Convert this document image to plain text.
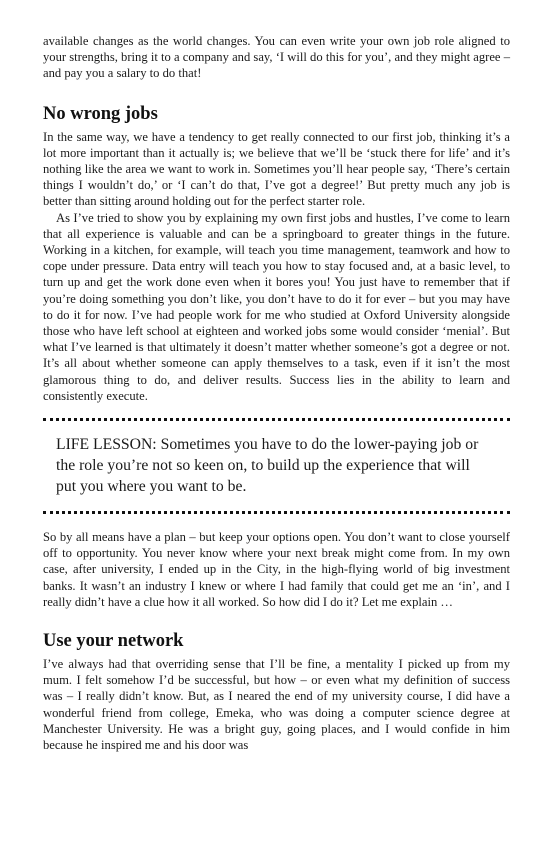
available changes as the world changes. You can even write your own job role aligned to your strengths, bring it to a company and say, ‘I will do this for you’, and they might agree – and pay you a salary to do that!

No wrong jobs

In the same way, we have a tendency to get really connected to our first job, thinking it’s a lot more important than it actually is; we believe that we’ll be ‘stuck there for life’ and it’s nothing like the area we want to work in. Sometimes you’ll hear people say, ‘There’s certain things I wouldn’t do,’ or ‘I can’t do that, I’ve got a degree!’ But pretty much any job is better than sitting around holding out for the perfect starter role.

As I’ve tried to show you by explaining my own first jobs and hustles, I’ve come to learn that all experience is valuable and can be a springboard to greater things in the future. Working in a kitchen, for example, will teach you time management, teamwork and how to cope under pressure. Data entry will teach you how to stay focused and, at a basic level, to turn up and get the work done even when it bores you! You just have to remember that if you’re doing something you don’t like, you don’t have to do it for ever – but you may have to do it for now. I’ve had people work for me who studied at Oxford University alongside those who have left school at eighteen and worked jobs some would consider ‘menial’. But what I’ve learned is that ultimately it doesn’t matter whether someone’s got a degree or not. It’s all about whether someone can apply themselves to a task, even if it isn’t the most glamorous thing to do, and deliver results. Success lies in the ability to learn and consistently execute.

LIFE LESSON: Sometimes you have to do the lower-paying job or the role you’re not so keen on, to build up the experience that will put you where you want to be.

So by all means have a plan – but keep your options open. You don’t want to close yourself off to opportunity. You never know where your next break might come from. In my own case, after university, I ended up in the City, in the high-flying world of big investment banks. It wasn’t an industry I knew or where I had family that could get me an ‘in’, and I really didn’t have a clue how it all worked. So how did I do it? Let me explain …

Use your network

I’ve always had that overriding sense that I’ll be fine, a mentality I picked up from my mum. I felt somehow I’d be successful, but how – or even what my definition of success was – I really didn’t know. But, as I neared the end of my university course, I did have a wonderful friend from college, Emeka, who was doing a computer science degree at Manchester University. He was a bright guy, going places, and I would confide in him because he inspired me and his door was
